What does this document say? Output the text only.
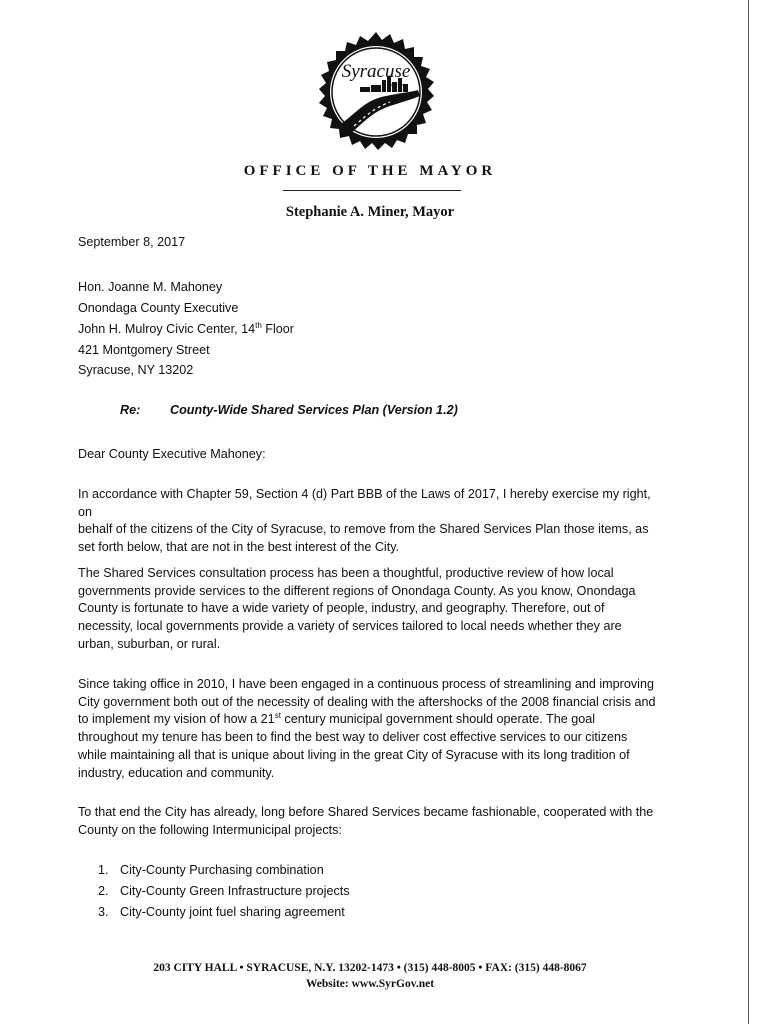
Syracuse
New York
OFFICE OF THE MAYOR
Stephanie A. Miner, Mayor
September 8, 2017
Hon. Joanne M. Mahoney
Onondaga County Executive
John H. Mulroy Civic Center, 14th Floor
421 Montgomery Street
Syracuse, NY 13202
Re: County-Wide Shared Services Plan (Version 1.2)
Dear County Executive Mahoney:
In accordance with Chapter 59, Section 4 (d) Part BBB of the Laws of 2017, I hereby exercise my right, on
behalf of the citizens of the City of Syracuse, to remove from the Shared Services Plan those items, as
set forth below, that are not in the best interest of the City.
The Shared Services consultation process has been a thoughtful, productive review of how local
governments provide services to the different regions of Onondaga County. As you know, Onondaga
County is fortunate to have a wide variety of people, industry, and geography. Therefore, out of
necessity, local governments provide a variety of services tailored to local needs whether they are
urban, suburban, or rural.
Since taking office in 2010, I have been engaged in a continuous process of streamlining and improving
City government both out of the necessity of dealing with the aftershocks of the 2008 financial crisis and
to implement my vision of how a 21st century municipal government should operate. The goal
throughout my tenure has been to find the best way to deliver cost effective services to our citizens
while maintaining all that is unique about living in the great City of Syracuse with its long tradition of
industry, education and community.
To that end the City has already, long before Shared Services became fashionable, cooperated with the
County on the following Intermunicipal projects:
1. City-County Purchasing combination
2. City-County Green Infrastructure projects
3. City-County joint fuel sharing agreement
203 CITY HALL • SYRACUSE, N.Y. 13202-1473 • (315) 448-8005 • FAX: (315) 448-8067
Website: www.SyrGov.net
